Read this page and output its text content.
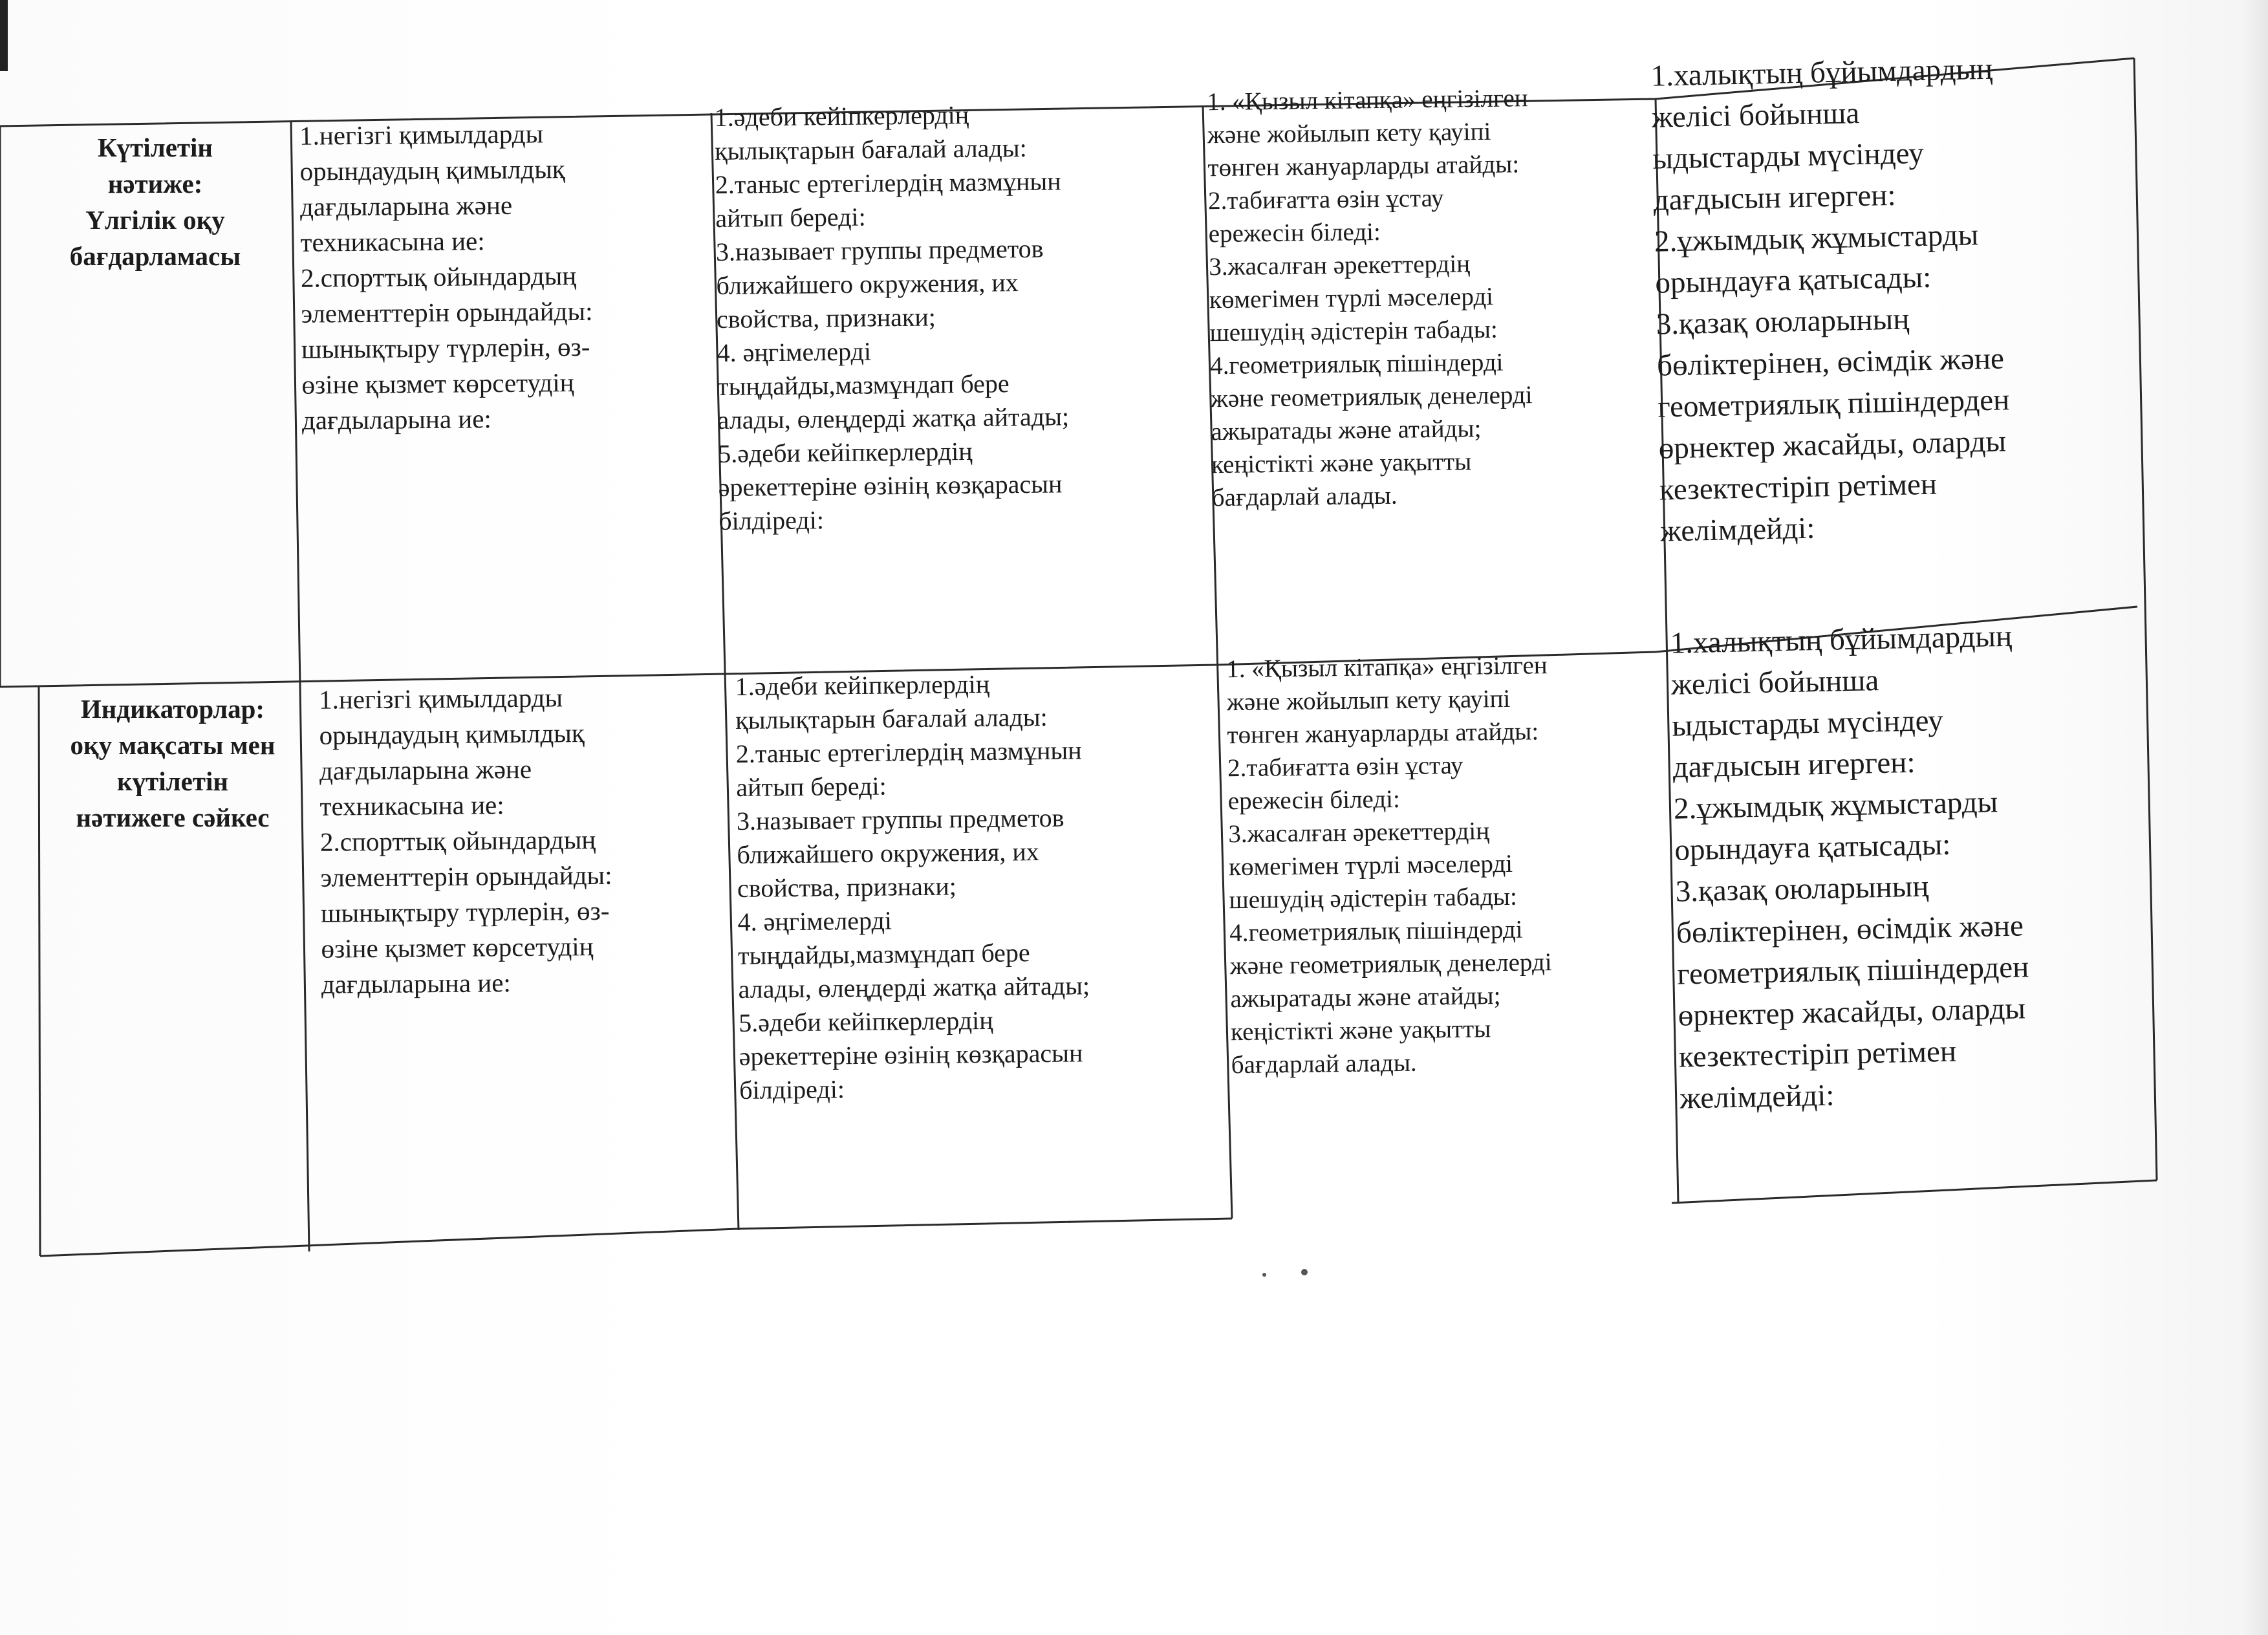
Күтілетін
нәтиже:
Үлгілік оқу
бағдарламасы
1.негізгі қимылдарды
орындаудың қимылдық
дағдыларына және
техникасына ие:
2.спорттық ойындардың
элементтерін орындайды:
шынықтыру түрлерін, өз-
өзіне қызмет көрсетудің
дағдыларына ие:
1.әдеби кейіпкерлердің
қылықтарын бағалай алады:
2.таныс ертегілердің мазмұнын
айтып береді:
3.называет группы предметов
ближайшего окружения, их
свойства, признаки;
4. әңгімелерді
тыңдайды,мазмұндап бере
алады, өлеңдерді жатқа айтады;
5.әдеби кейіпкерлердің
әрекеттеріне өзінің көзқарасын
білдіреді:
1. «Қызыл кітапқа» еңгізілген
және жойылып кету қауіпі
төнген жануарларды атайды:
2.табиғатта өзін ұстау
ережесін біледі:
3.жасалған әрекеттердің
көмегімен түрлі мәселерді
шешудің әдістерін табады:
4.геометриялық пішіндерді
және геометриялық денелерді
ажыратады және атайды;
кеңістікті және уақытты
бағдарлай алады.
1.халықтың бұйымдардың
желісі бойынша
ыдыстарды мүсіндеу
дағдысын игерген:
2.ұжымдық жұмыстарды
орындауға қатысады:
3.қазақ оюларының
бөліктерінен, өсімдік және
геометриялық пішіндерден
өрнектер жасайды, оларды
кезектестіріп ретімен
желімдейді:
Индикаторлар:
оқу мақсаты мен
күтілетін
нәтижеге сәйкес
1.негізгі қимылдарды
орындаудың қимылдық
дағдыларына және
техникасына ие:
2.спорттық ойындардың
элементтерін орындайды:
шынықтыру түрлерін, өз-
өзіне қызмет көрсетудің
дағдыларына ие:
1.әдеби кейіпкерлердің
қылықтарын бағалай алады:
2.таныс ертегілердің мазмұнын
айтып береді:
3.называет группы предметов
ближайшего окружения, их
свойства, признаки;
4. әңгімелерді
тыңдайды,мазмұндап бере
алады, өлеңдерді жатқа айтады;
5.әдеби кейіпкерлердің
әрекеттеріне өзінің көзқарасын
білдіреді:
1. «Қызыл кітапқа» еңгізілген
және жойылып кету қауіпі
төнген жануарларды атайды:
2.табиғатта өзін ұстау
ережесін біледі:
3.жасалған әрекеттердің
көмегімен түрлі мәселерді
шешудің әдістерін табады:
4.геометриялық пішіндерді
және геометриялық денелерді
ажыратады және атайды;
кеңістікті және уақытты
бағдарлай алады.
1.халықтың бұйымдардың
желісі бойынша
ыдыстарды мүсіндеу
дағдысын игерген:
2.ұжымдық жұмыстарды
орындауға қатысады:
3.қазақ оюларының
бөліктерінен, өсімдік және
геометриялық пішіндерден
өрнектер жасайды, оларды
кезектестіріп ретімен
желімдейді:
